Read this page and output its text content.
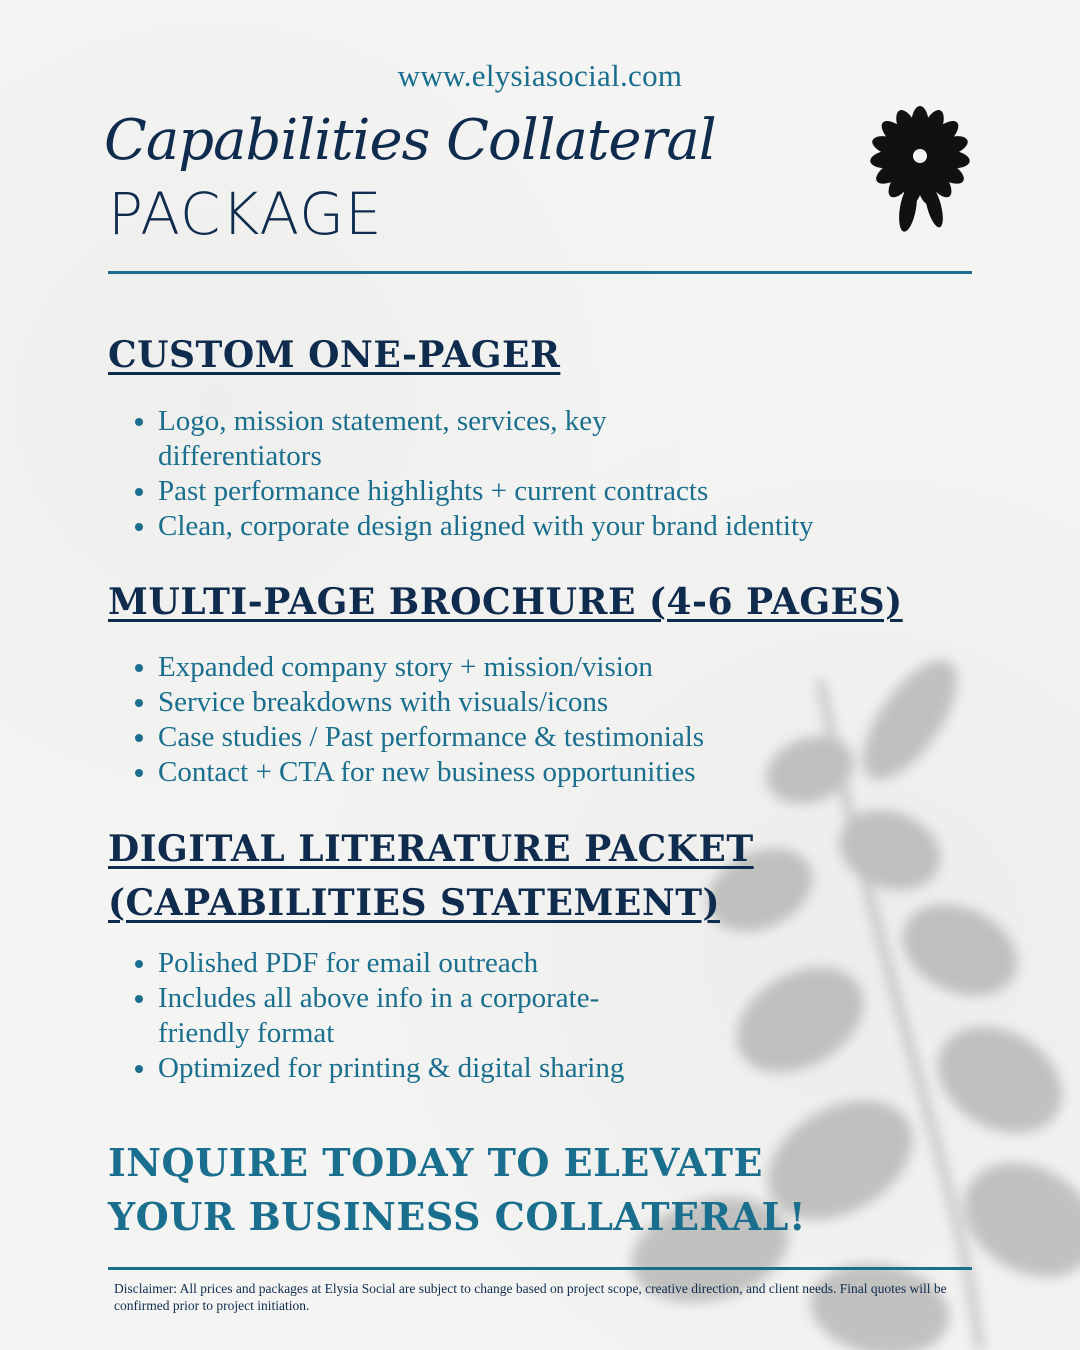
www.elysiasocial.com
Capabilities Collateral
PACKAGE
CUSTOM ONE-PAGER
• Logo, mission statement, services, key differentiators
• Past performance highlights + current contracts
• Clean, corporate design aligned with your brand identity
MULTI-PAGE BROCHURE (4-6 PAGES)
• Expanded company story + mission/vision
• Service breakdowns with visuals/icons
• Case studies / Past performance & testimonials
• Contact + CTA for new business opportunities
DIGITAL LITERATURE PACKET (CAPABILITIES STATEMENT)
• Polished PDF for email outreach
• Includes all above info in a corporate-friendly format
• Optimized for printing & digital sharing
INQUIRE TODAY TO ELEVATE YOUR BUSINESS COLLATERAL!
Disclaimer: All prices and packages at Elysia Social are subject to change based on project scope, creative direction, and client needs. Final quotes will be confirmed prior to project initiation.
